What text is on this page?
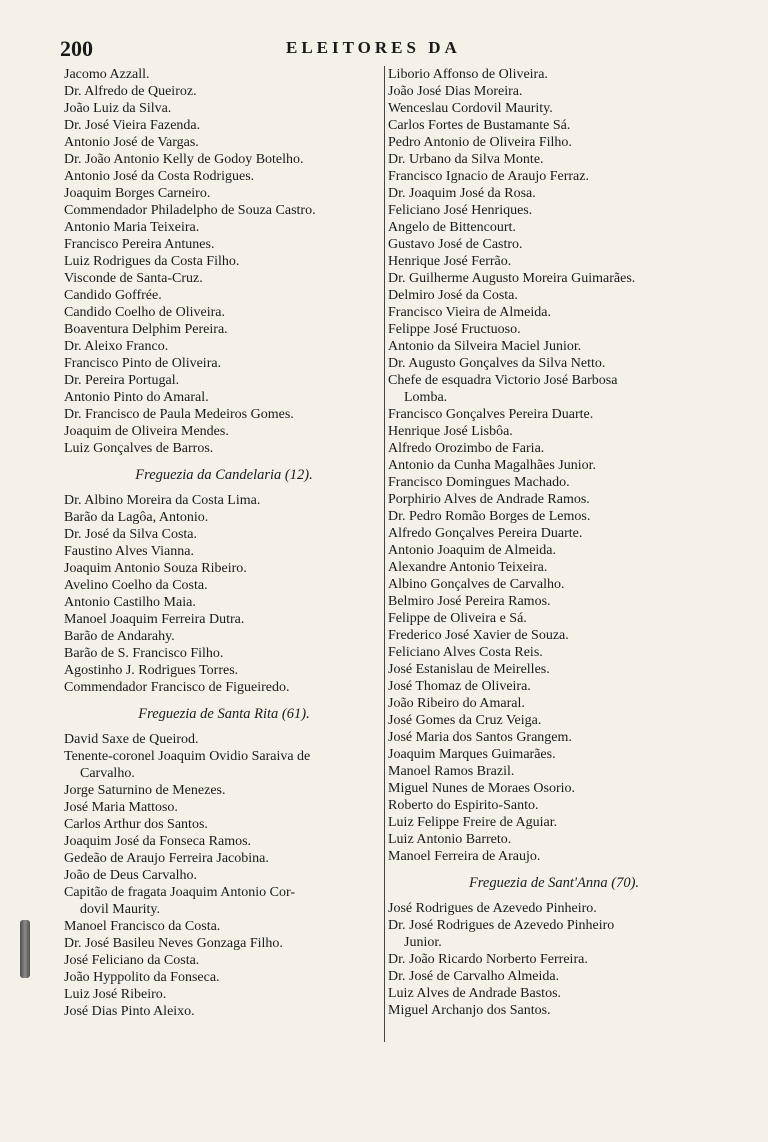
200	ELEITORES DA
Jacomo Azzall.
Dr. Alfredo de Queiroz.
João Luiz da Silva.
Dr. José Vieira Fazenda.
Antonio José de Vargas.
Dr. João Antonio Kelly de Godoy Botelho.
Antonio José da Costa Rodrigues.
Joaquim Borges Carneiro.
Commendador Philadelpho de Souza Castro.
Antonio Maria Teixeira.
Francisco Pereira Antunes.
Luiz Rodrigues da Costa Filho.
Visconde de Santa-Cruz.
Candido Goffrée.
Candido Coelho de Oliveira.
Boaventura Delphim Pereira.
Dr. Aleixo Franco.
Francisco Pinto de Oliveira.
Dr. Pereira Portugal.
Antonio Pinto do Amaral.
Dr. Francisco de Paula Medeiros Gomes.
Joaquim de Oliveira Mendes.
Luiz Gonçalves de Barros.
Freguezia da Candelaria (12).
Dr. Albino Moreira da Costa Lima.
Barão da Lagôa, Antonio.
Dr. José da Silva Costa.
Faustino Alves Vianna.
Joaquim Antonio Souza Ribeiro.
Avelino Coelho da Costa.
Antonio Castilho Maia.
Manoel Joaquim Ferreira Dutra.
Barão de Andarahy.
Barão de S. Francisco Filho.
Agostinho J. Rodrigues Torres.
Commendador Francisco de Figueiredo.
Freguezia de Santa Rita (61).
David Saxe de Queirod.
Tenente-coronel Joaquim Ovidio Saraiva de
Carvalho.
Jorge Saturnino de Menezes.
José Maria Mattoso.
Carlos Arthur dos Santos.
Joaquim José da Fonseca Ramos.
Gedeão de Araujo Ferreira Jacobina.
João de Deus Carvalho.
Capitão de fragata Joaquim Antonio Cor-
dovil Maurity.
Manoel Francisco da Costa.
Dr. José Basileu Neves Gonzaga Filho.
José Feliciano da Costa.
João Hyppolito da Fonseca.
Luiz José Ribeiro.
José Dias Pinto Aleixo.
Liborio Affonso de Oliveira.
João José Dias Moreira.
Wenceslau Cordovil Maurity.
Carlos Fortes de Bustamante Sá.
Pedro Antonio de Oliveira Filho.
Dr. Urbano da Silva Monte.
Francisco Ignacio de Araujo Ferraz.
Dr. Joaquim José da Rosa.
Feliciano José Henriques.
Angelo de Bittencourt.
Gustavo José de Castro.
Henrique José Ferrão.
Dr. Guilherme Augusto Moreira Guimarães.
Delmiro José da Costa.
Francisco Vieira de Almeida.
Felippe José Fructuoso.
Antonio da Silveira Maciel Junior.
Dr. Augusto Gonçalves da Silva Netto.
Chefe de esquadra Victorio José Barbosa
Lomba.
Francisco Gonçalves Pereira Duarte.
Henrique José Lisbôa.
Alfredo Orozimbo de Faria.
Antonio da Cunha Magalhães Junior.
Francisco Domingues Machado.
Porphirio Alves de Andrade Ramos.
Dr. Pedro Romão Borges de Lemos.
Alfredo Gonçalves Pereira Duarte.
Antonio Joaquim de Almeida.
Alexandre Antonio Teixeira.
Albino Gonçalves de Carvalho.
Belmiro José Pereira Ramos.
Felippe de Oliveira e Sá.
Frederico José Xavier de Souza.
Feliciano Alves Costa Reis.
José Estanislau de Meirelles.
José Thomaz de Oliveira.
João Ribeiro do Amaral.
José Gomes da Cruz Veiga.
José Maria dos Santos Grangem.
Joaquim Marques Guimarães.
Manoel Ramos Brazil.
Miguel Nunes de Moraes Osorio.
Roberto do Espirito-Santo.
Luiz Felippe Freire de Aguiar.
Luiz Antonio Barreto.
Manoel Ferreira de Araujo.
Freguezia de Sant'Anna (70).
José Rodrigues de Azevedo Pinheiro.
Dr. José Rodrigues de Azevedo Pinheiro
Junior.
Dr. João Ricardo Norberto Ferreira.
Dr. José de Carvalho Almeida.
Luiz Alves de Andrade Bastos.
Miguel Archanjo dos Santos.
